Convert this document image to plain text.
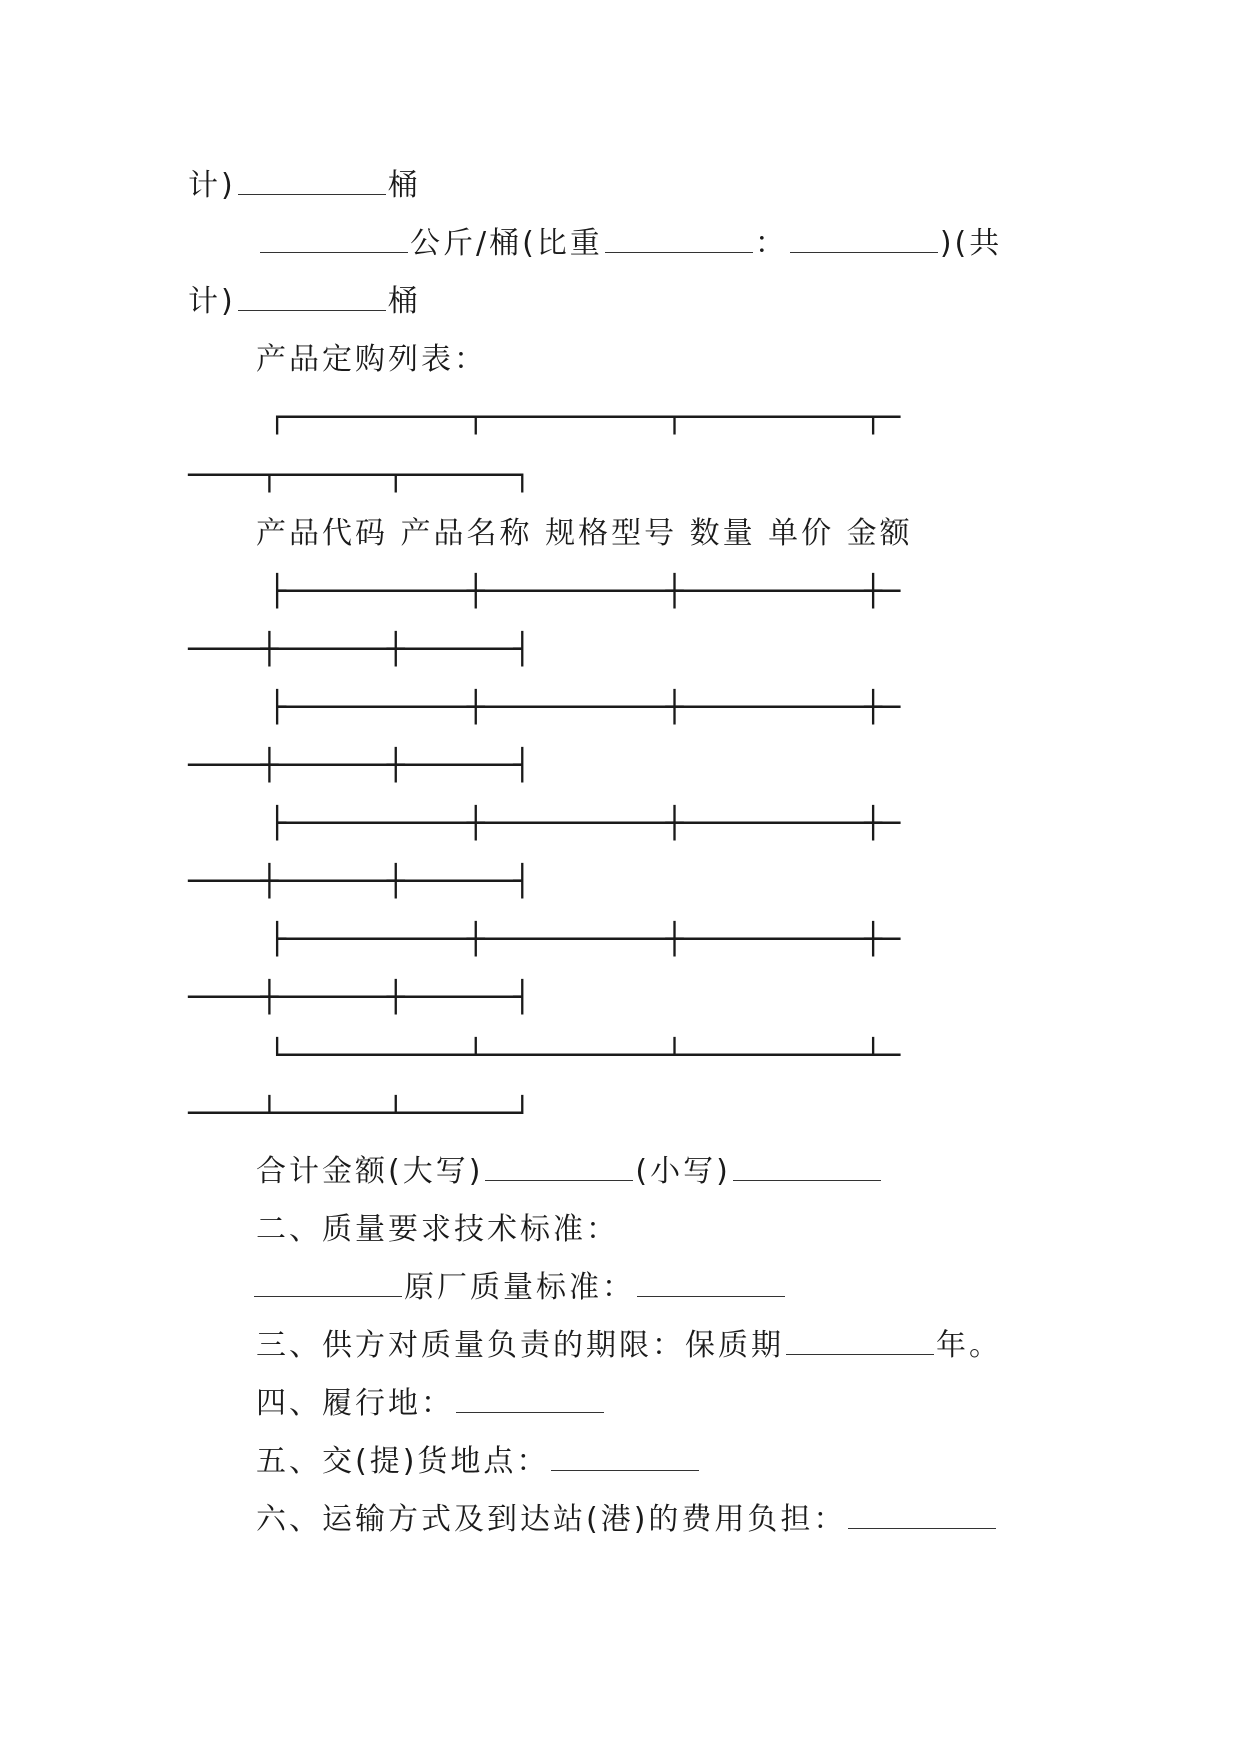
计)	桶
公斤/桶(比重	：	)(共
计)	桶
产品定购列表：
┌──────────┬──────────┬──────────┬─
────┬──────┬──────┐
产品代码 产品名称 规格型号 数量 单价 金额
├──────────┼──────────┼──────────┼─
────┼──────┼──────┤
├──────────┼──────────┼──────────┼─
────┼──────┼──────┤
├──────────┼──────────┼──────────┼─
────┼──────┼──────┤
├──────────┼──────────┼──────────┼─
────┼──────┼──────┤
└──────────┴──────────┴──────────┴─
────┴──────┴──────┘
合计金额(大写)	(小写)
二、质量要求技术标准：
原厂质量标准：
三、供方对质量负责的期限：保质期	年。
四、履行地：
五、交(提)货地点：
六、运输方式及到达站(港)的费用负担：
